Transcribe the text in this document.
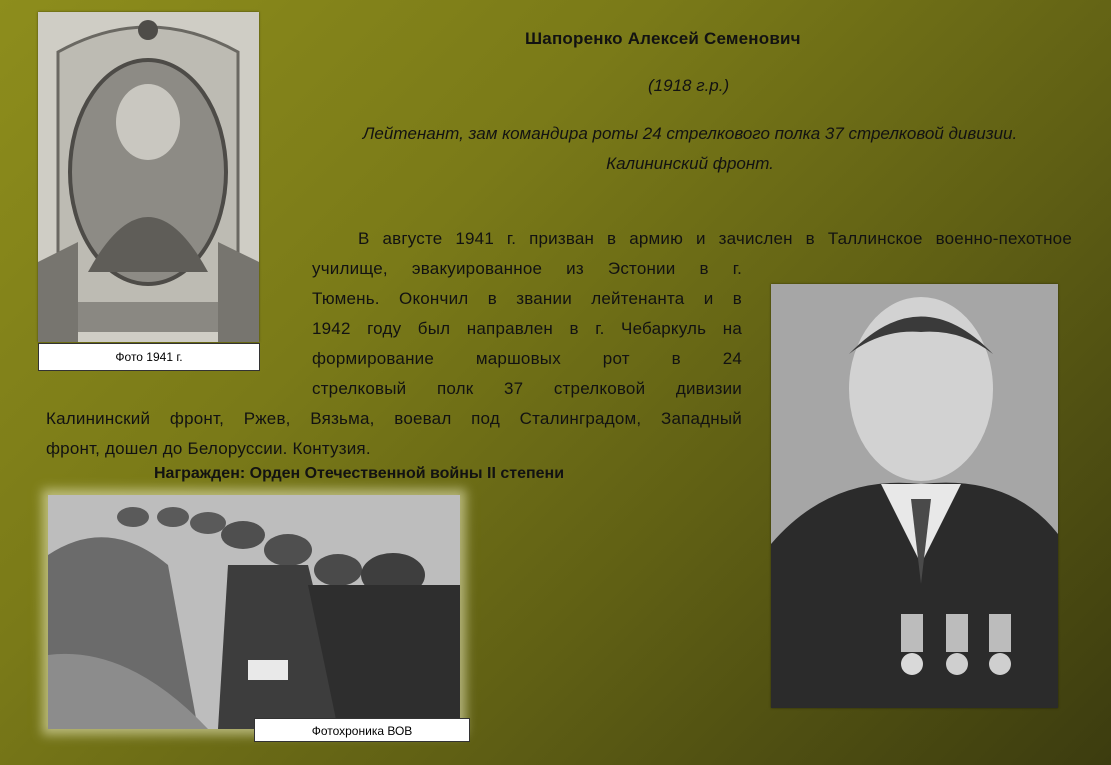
Фото 1941 г.
Шапоренко Алексей Семенович
(1918 г.р.)
Лейтенант, зам командира роты 24 стрелкового полка 37 стрелковой дивизии.
Калининский фронт.
В августе 1941 г. призван в армию и зачислен в Таллинское военно-пехотное
училище, эвакуированное из Эстонии в г.
Тюмень. Окончил в звании лейтенанта и в
1942 году был направлен в г. Чебаркуль на
формирование маршовых рот в 24
стрелковый полк 37 стрелковой дивизии
Калининский фронт, Ржев, Вязьма, воевал под Сталинградом, Западный
фронт, дошел до Белоруссии. Контузия.
Награжден: Орден Отечественной войны II степени
Фотохроника ВОВ
